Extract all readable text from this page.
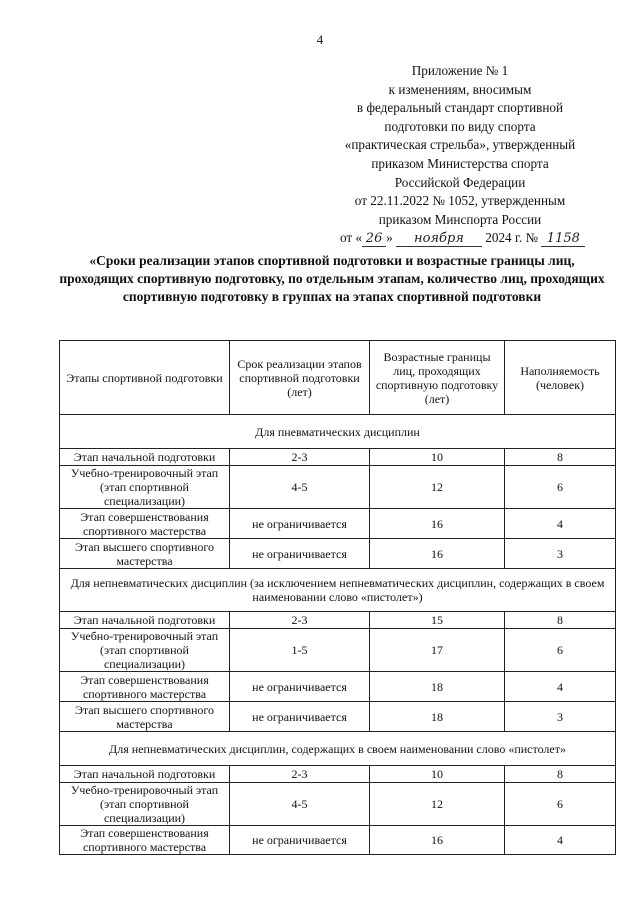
4
Приложение № 1
к изменениям, вносимым
в федеральный стандарт спортивной
подготовки по виду спорта
«практическая стрельба», утвержденный
приказом Министерства спорта
Российской Федерации
от 22.11.2022 № 1052, утвержденным
приказом Минспорта России
от « 26 » ноября 2024 г. № 1158
«Сроки реализации этапов спортивной подготовки и возрастные границы лиц, проходящих спортивную подготовку, по отдельным этапам, количество лиц, проходящих спортивную подготовку в группах на этапах спортивной подготовки
Этапы спортивной подготовки	Срок реализации этапов спортивной подготовки (лет)	Возрастные границы лиц, проходящих спортивную подготовку (лет)	Наполняемость (человек)
Для пневматических дисциплин			
Этап начальной подготовки	2-3	10	8
Учебно-тренировочный этап (этап спортивной специализации)	4-5	12	6
Этап совершенствования спортивного мастерства	не ограничивается	16	4
Этап высшего спортивного мастерства	не ограничивается	16	3
Для непневматических дисциплин (за исключением непневматических дисциплин, содержащих в своем наименовании слово «пистолет»)			
Этап начальной подготовки	2-3	15	8
Учебно-тренировочный этап (этап спортивной специализации)	1-5	17	6
Этап совершенствования спортивного мастерства	не ограничивается	18	4
Этап высшего спортивного мастерства	не ограничивается	18	3
Для непневматических дисциплин, содержащих в своем наименовании слово «пистолет»			
Этап начальной подготовки	2-3	10	8
Учебно-тренировочный этап (этап спортивной специализации)	4-5	12	6
Этап совершенствования спортивного мастерства	не ограничивается	16	4
